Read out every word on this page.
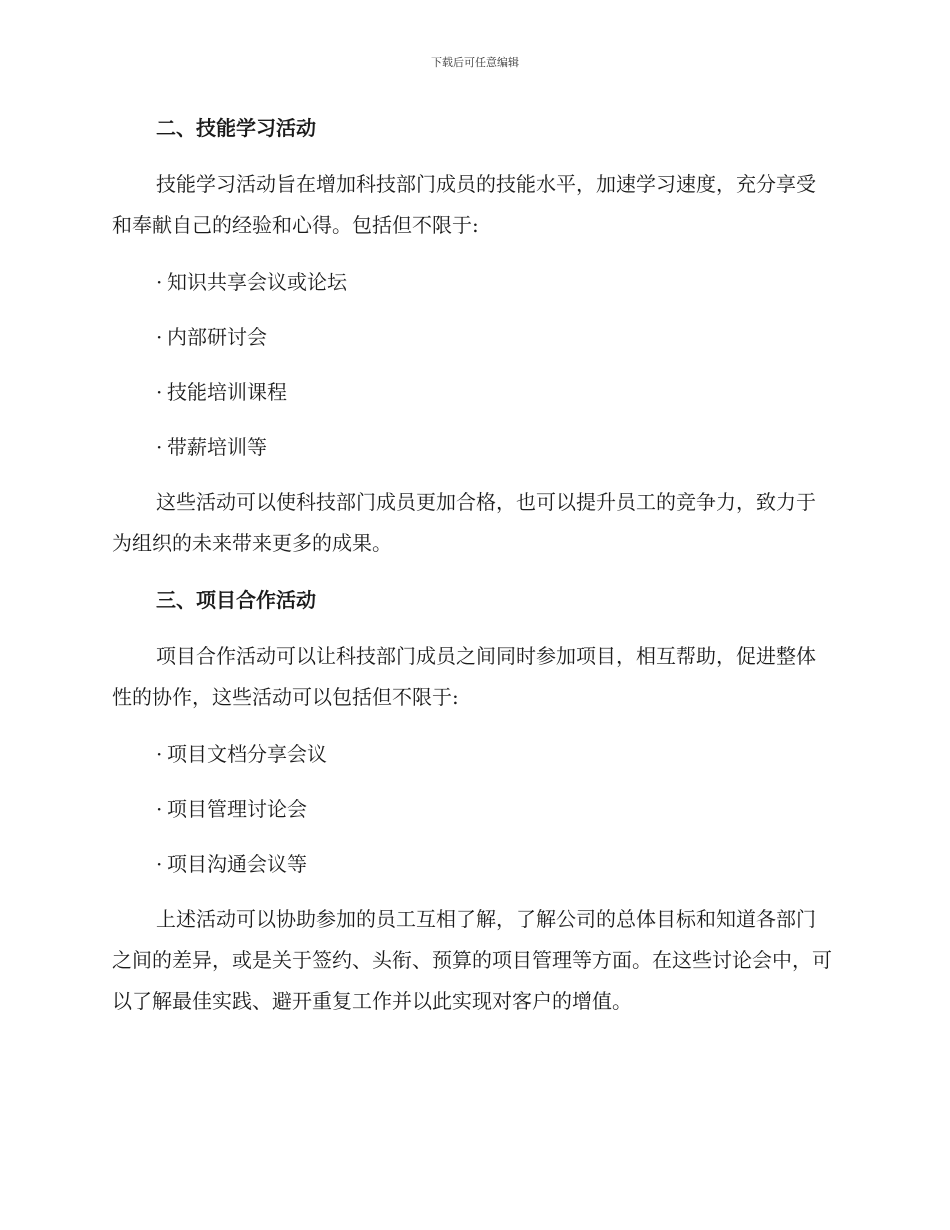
下载后可任意编辑
二、技能学习活动
技能学习活动旨在增加科技部门成员的技能水平，加速学习速度，充分享受和奉献自己的经验和心得。包括但不限于:
· 知识共享会议或论坛
· 内部研讨会
· 技能培训课程
· 带薪培训等
这些活动可以使科技部门成员更加合格，也可以提升员工的竞争力，致力于为组织的未来带来更多的成果。
三、项目合作活动
项目合作活动可以让科技部门成员之间同时参加项目，相互帮助，促进整体性的协作，这些活动可以包括但不限于:
· 项目文档分享会议
· 项目管理讨论会
· 项目沟通会议等
上述活动可以协助参加的员工互相了解，了解公司的总体目标和知道各部门之间的差异，或是关于签约、头衔、预算的项目管理等方面。在这些讨论会中，可以了解最佳实践、避开重复工作并以此实现对客户的增值。
